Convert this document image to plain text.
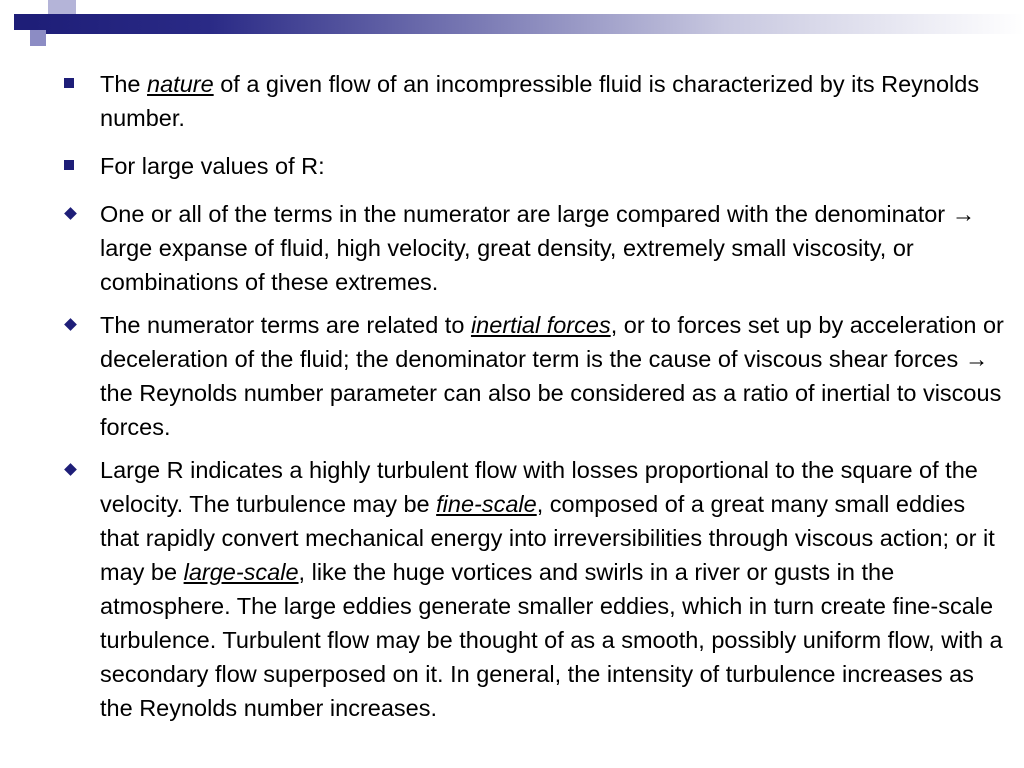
The nature of a given flow of an incompressible fluid is characterized by its Reynolds number.
For large values of R:
One or all of the terms in the numerator are large compared with the denominator → large expanse of fluid, high velocity, great density, extremely small viscosity, or combinations of these extremes.
The numerator terms are related to inertial forces, or to forces set up by acceleration or deceleration of the fluid; the denominator term is the cause of viscous shear forces → the Reynolds number parameter can also be considered as a ratio of inertial to viscous forces.
Large R indicates a highly turbulent flow with losses proportional to the square of the velocity. The turbulence may be fine-scale, composed of a great many small eddies that rapidly convert mechanical energy into irreversibilities through viscous action; or it may be large-scale, like the huge vortices and swirls in a river or gusts in the atmosphere. The large eddies generate smaller eddies, which in turn create fine-scale turbulence. Turbulent flow may be thought of as a smooth, possibly uniform flow, with a secondary flow superposed on it. In general, the intensity of turbulence increases as the Reynolds number increases.
